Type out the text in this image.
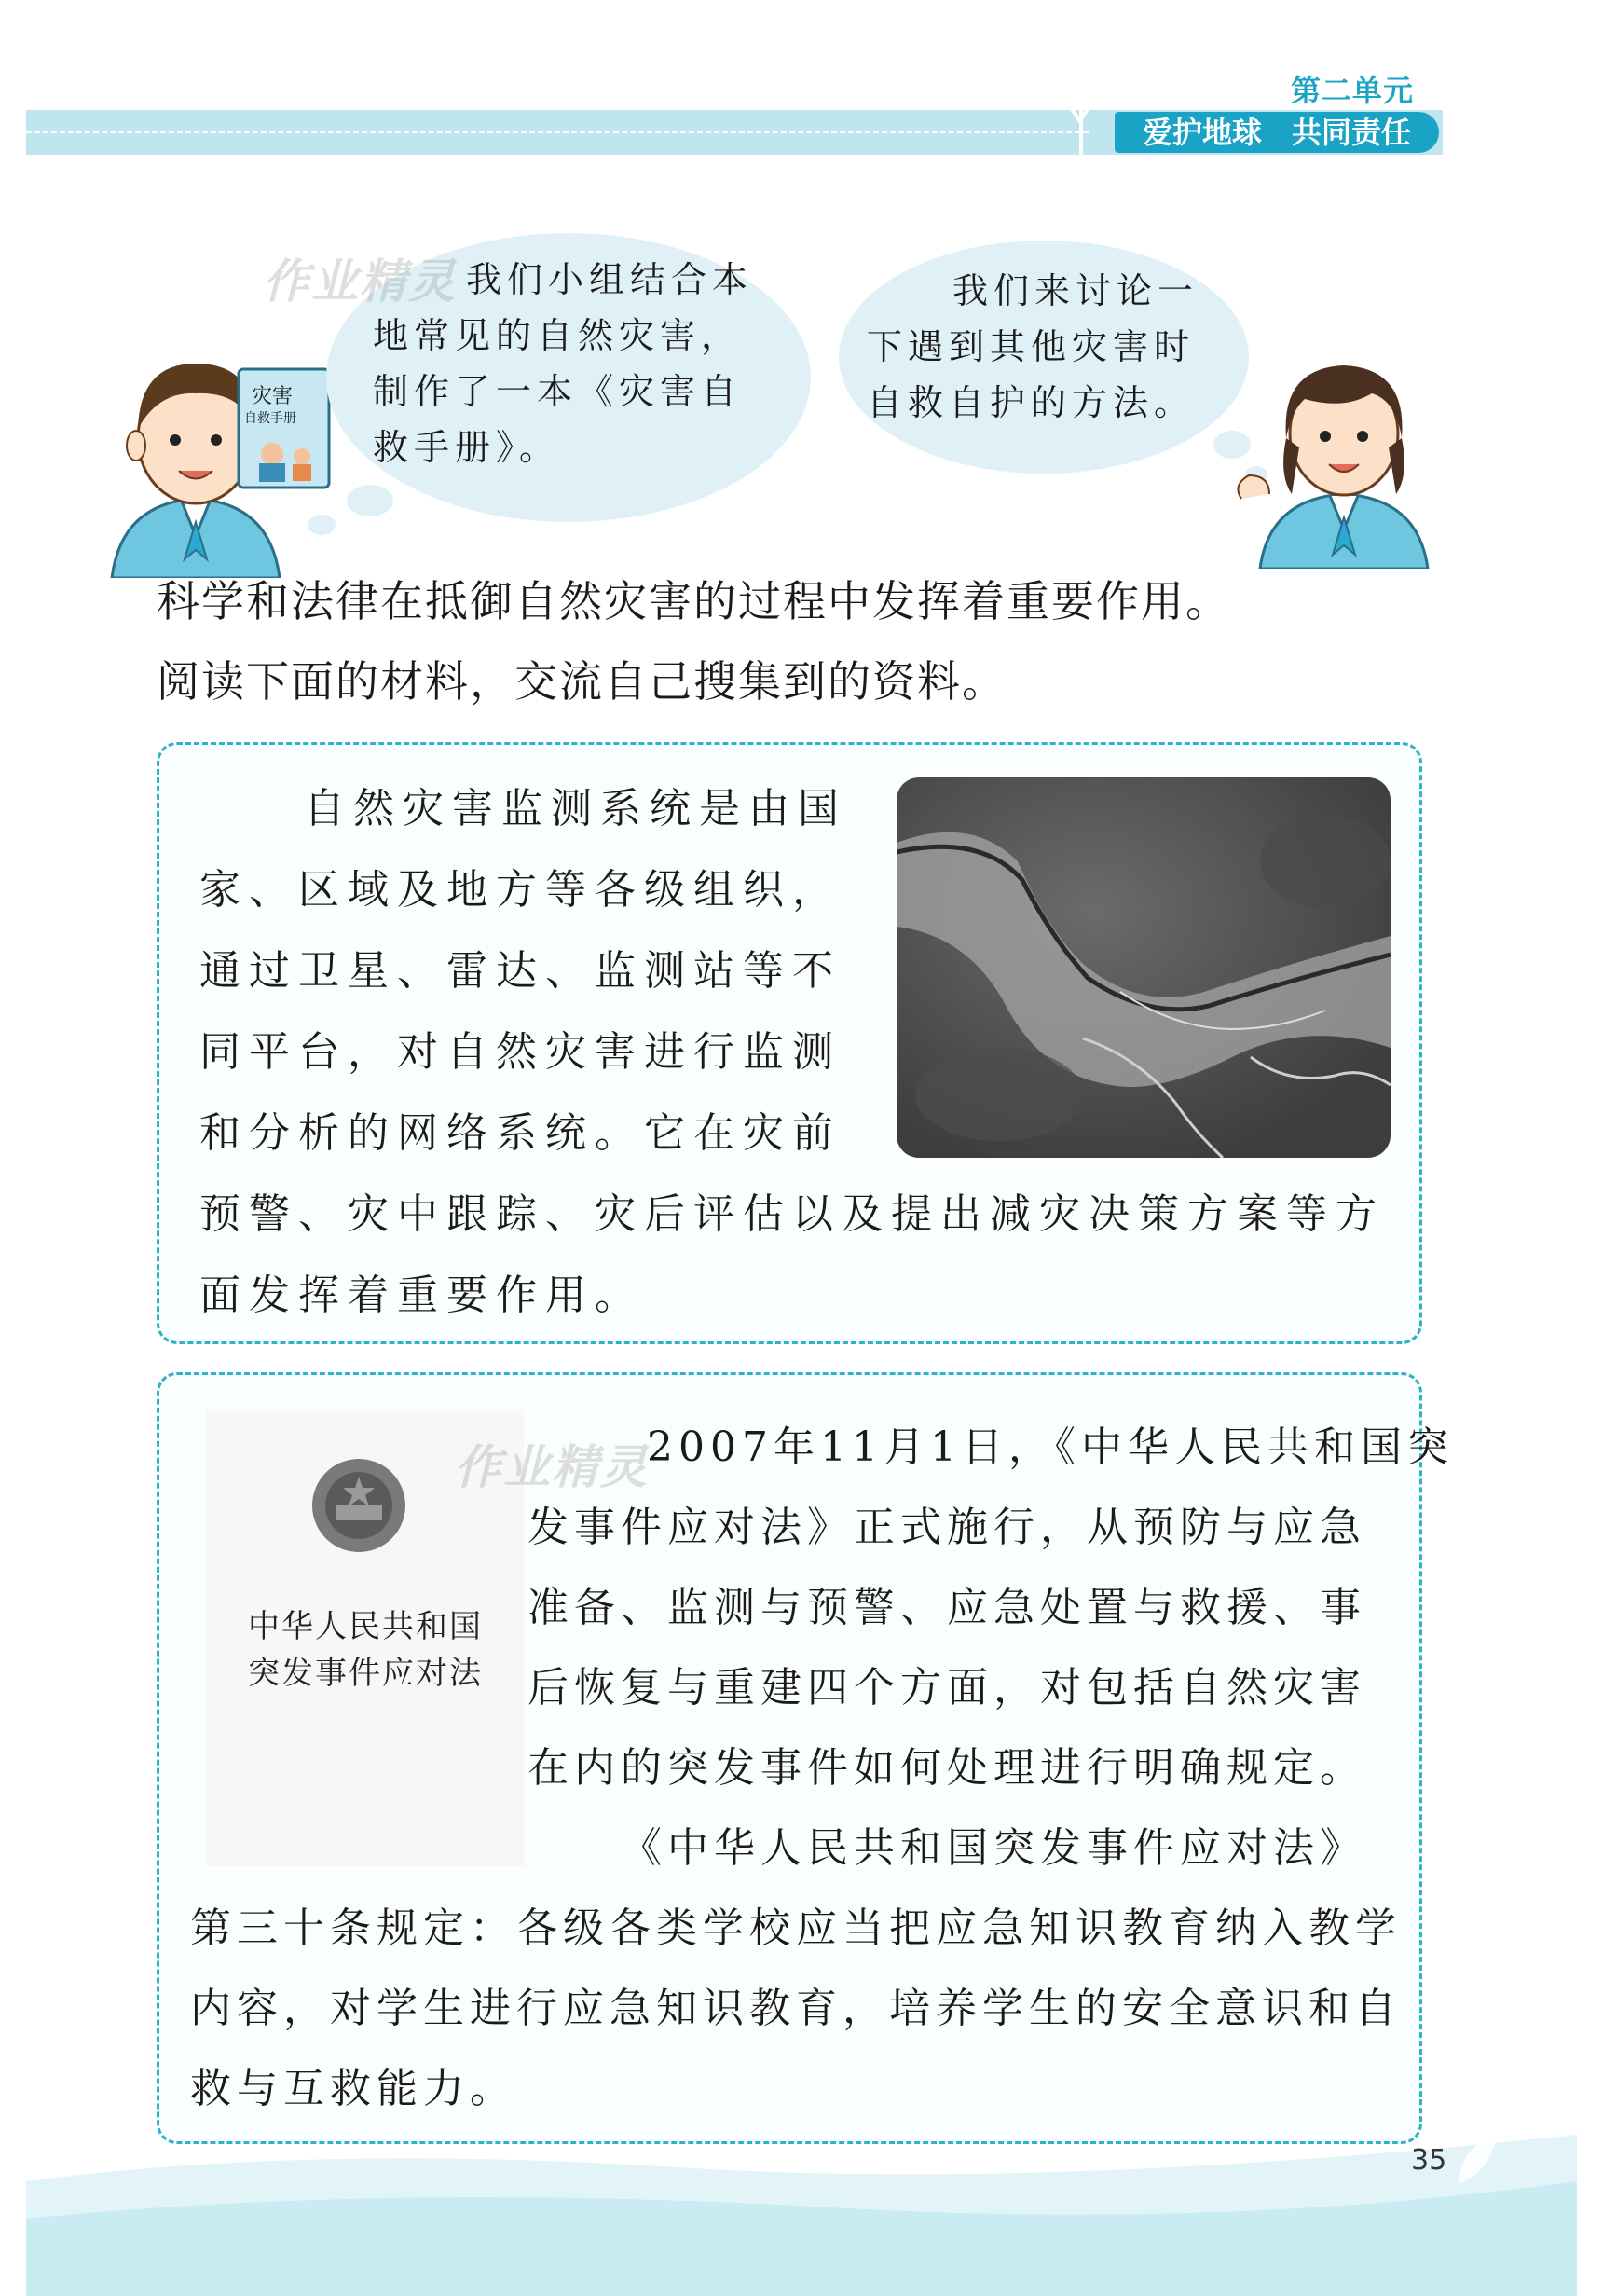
第二单元
爱护地球　共同责任
灾害
自救手册
我们小组结合本
地常见的自然灾害，
制作了一本《灾害自
救手册》。
作业精灵	我们来讨论一
下遇到其他灾害时
自救自护的方法。
科学和法律在抵御自然灾害的过程中发挥着重要作用。
阅读下面的材料，交流自己搜集到的资料。
自然灾害监测系统是由国
家、区域及地方等各级组织，
通过卫星、雷达、监测站等不
同平台，对自然灾害进行监测
和分析的网络系统。它在灾前
预警、灾中跟踪、灾后评估以及提出减灾决策方案等方
面发挥着重要作用。
中华人民共和国
突发事件应对法
作业精灵
2007年11月1日，《中华人民共和国突
发事件应对法》正式施行，从预防与应急
准备、监测与预警、应急处置与救援、事
后恢复与重建四个方面，对包括自然灾害
在内的突发事件如何处理进行明确规定。
《中华人民共和国突发事件应对法》
第三十条规定：各级各类学校应当把应急知识教育纳入教学
内容，对学生进行应急知识教育，培养学生的安全意识和自
救与互救能力。
35
